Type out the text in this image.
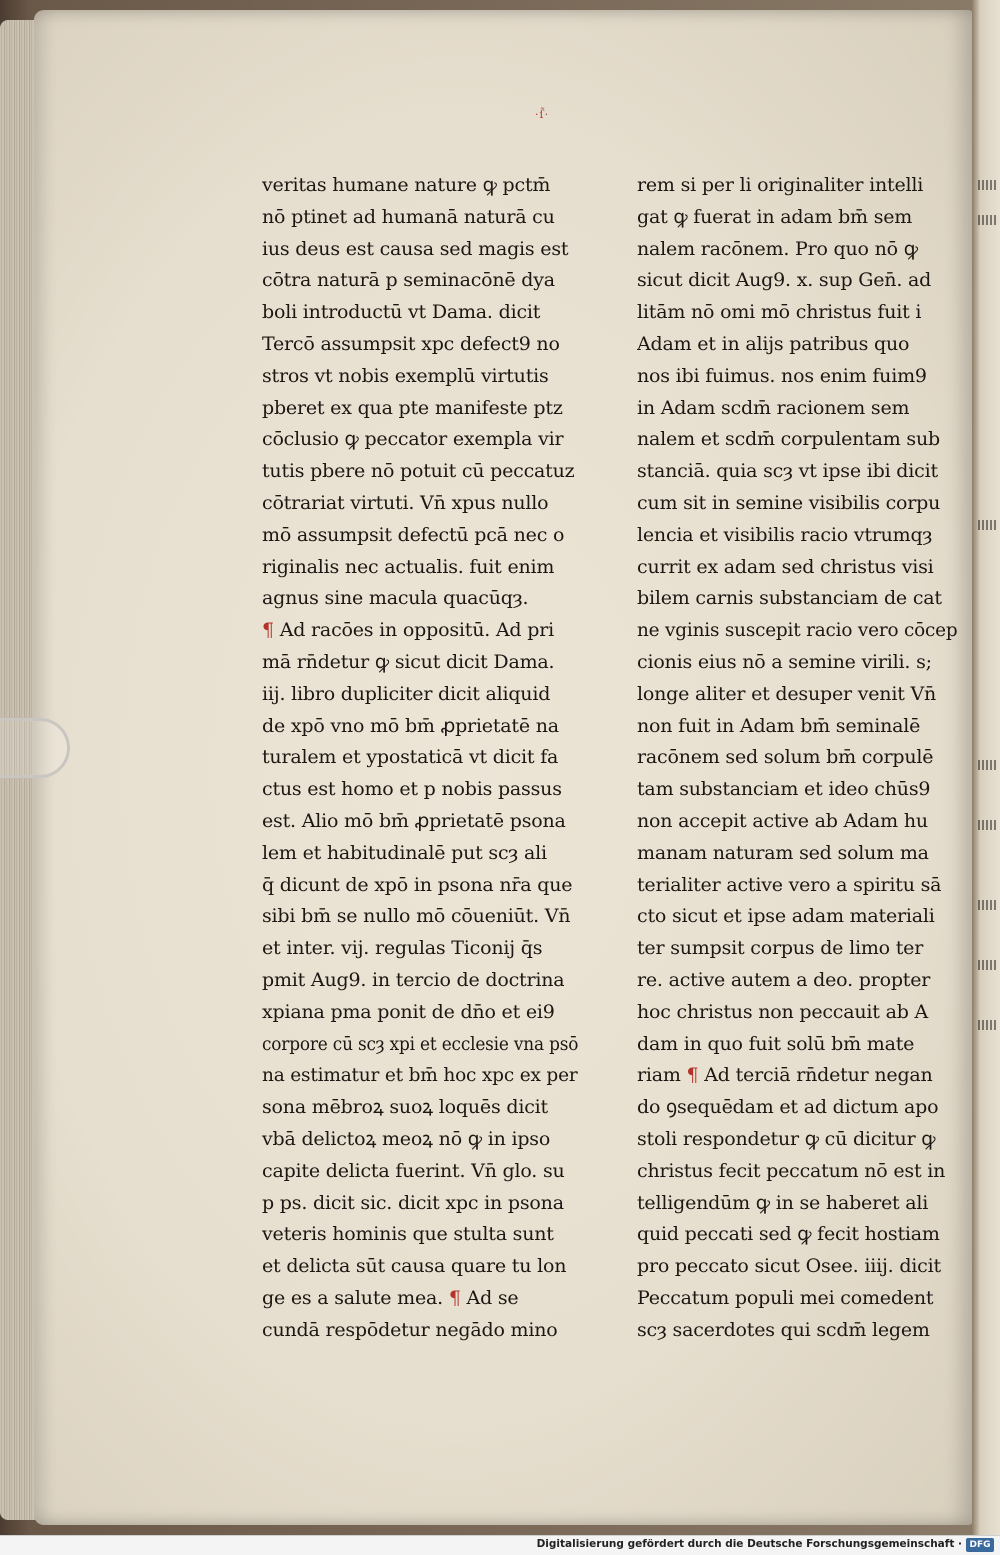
·ſ̃·
veritas humane nature ꝙ pctm̄
nō ptinet ad humanā naturā cu
ius deus est causa sed magis est
cōtra naturā p seminacōnē dya
boli introductū vt Dama. dicit
Tercō assumpsit xpc defect9 no
stros vt nobis exemplū virtutis
pberet ex qua pte manifeste ptz
cōclusio ꝙ peccator exempla vir
tutis pbere nō potuit cū peccatuz
cōtrariat virtuti. Vn̄ xpus nullo
mō assumpsit defectū pcā nec o
riginalis nec actualis. fuit enim
agnus sine macula quacūqȝ.
¶ Ad racōes in oppositū. Ad pri
mā rn̄detur ꝙ sicut dicit Dama.
iij. libro dupliciter dicit aliquid
de xpō vno mō bm̄ ꝓprietatē na
turalem et ypostaticā vt dicit fa
ctus est homo et p nobis passus
est. Alio mō bm̄ ꝓprietatē psona
lem et habitudinalē put scȝ ali
q̄ dicunt de xpō in psona nr̄a que
sibi bm̄ se nullo mō cōueniūt. Vn̄
et inter. vij. regulas Ticonij q̄s
pmit Aug9. in tercio de doctrina
xpiana pma ponit de dn̄o et ei9
corpore cū scȝ xpi et ecclesie vna psō
na estimatur et bm̄ hoc xpc ex per
sona mēbroꝝ suoꝝ loquēs dicit
vbā delictoꝝ meoꝝ nō ꝙ in ipso
capite delicta fuerint. Vn̄ glo. su
p ps. dicit sic. dicit xpc in psona
veteris hominis que stulta sunt
et delicta sūt causa quare tu lon
ge es a salute mea. ¶ Ad se
cundā respōdetur negādo mino
rem si per li originaliter intelli
gat ꝙ fuerat in adam bm̄ sem
nalem racōnem. Pro quo nō ꝙ
sicut dicit Aug9. x. sup Gen̄. ad
litām nō omi mō christus fuit i
Adam et in alijs patribus quo
nos ibi fuimus. nos enim fuim9
in Adam scdm̄ racionem sem
nalem et scdm̄ corpulentam sub
stanciā. quia scȝ vt ipse ibi dicit
cum sit in semine visibilis corpu
lencia et visibilis racio vtrumqȝ
currit ex adam sed christus visi
bilem carnis substanciam de cat
ne vginis suscepit racio vero cōcep
cionis eius nō a semine virili. s;
longe aliter et desuper venit Vn̄
non fuit in Adam bm̄ seminalē
racōnem sed solum bm̄ corpulē
tam substanciam et ideo chūs9
non accepit active ab Adam hu
manam naturam sed solum ma
terialiter active vero a spiritu sā
cto sicut et ipse adam materiali
ter sumpsit corpus de limo ter
re. active autem a deo. propter
hoc christus non peccauit ab A
dam in quo fuit solū bm̄ mate
riam ¶ Ad terciā rn̄detur negan
do ꝯsequēdam et ad dictum apo
stoli respondetur ꝙ cū dicitur ꝙ
christus fecit peccatum nō est in
telligendūm ꝙ in se haberet ali
quid peccati sed ꝙ fecit hostiam
pro peccato sicut Osee. iiij. dicit
Peccatum populi mei comedent
scȝ sacerdotes qui scdm̄ legem
Digitalisierung gefördert durch die Deutsche Forschungsgemeinschaft · DFG
